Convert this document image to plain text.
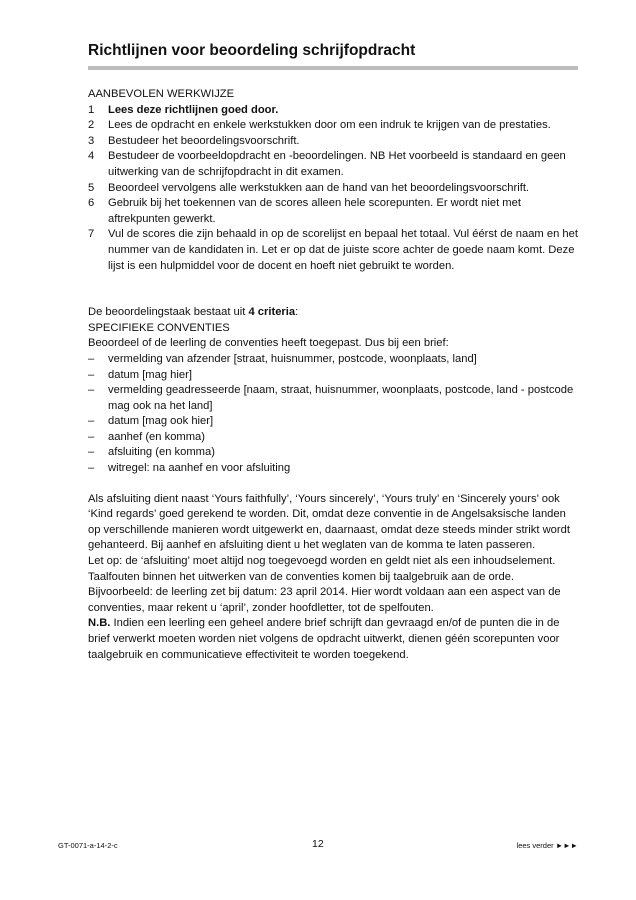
Richtlijnen voor beoordeling schrijfopdracht

AANBEVOLEN WERKWIJZE

1	Lees deze richtlijnen goed door.
2	Lees de opdracht en enkele werkstukken door om een indruk te krijgen van de prestaties.
3	Bestudeer het beoordelingsvoorschrift.
4	Bestudeer de voorbeeldopdracht en -beoordelingen. NB Het voorbeeld is standaard en geen uitwerking van de schrijfopdracht in dit examen.
5	Beoordeel vervolgens alle werkstukken aan de hand van het beoordelingsvoorschrift.
6	Gebruik bij het toekennen van de scores alleen hele scorepunten. Er wordt niet met aftrekpunten gewerkt.
7	Vul de scores die zijn behaald in op de scorelijst en bepaal het totaal. Vul éérst de naam en het nummer van de kandidaten in. Let er op dat de juiste score achter de goede naam komt. Deze lijst is een hulpmiddel voor de docent en hoeft niet gebruikt te worden.

De beoordelingstaak bestaat uit 4 criteria:

SPECIFIEKE CONVENTIES

Beoordeel of de leerling de conventies heeft toegepast. Dus bij een brief:

–	vermelding van afzender [straat, huisnummer, postcode, woonplaats, land]
–	datum [mag hier]
–	vermelding geadresseerde [naam, straat, huisnummer, woonplaats, postcode, land - postcode mag ook na het land]
–	datum [mag ook hier]
–	aanhef (en komma)
–	afsluiting (en komma)
–	witregel: na aanhef en voor afsluiting

Als afsluiting dient naast ‘Yours faithfully’, ‘Yours sincerely’, ‘Yours truly’ en ‘Sincerely yours’ ook ‘Kind regards’ goed gerekend te worden. Dit, omdat deze conventie in de Angelsaksische landen op verschillende manieren wordt uitgewerkt en, daarnaast, omdat deze steeds minder strikt wordt gehanteerd. Bij aanhef en afsluiting dient u het weglaten van de komma te laten passeren.

Let op: de ‘afsluiting’ moet altijd nog toegevoegd worden en geldt niet als een inhoudselement.

Taalfouten binnen het uitwerken van de conventies komen bij taalgebruik aan de orde. Bijvoorbeeld: de leerling zet bij datum: 23 april 2014. Hier wordt voldaan aan een aspect van de conventies, maar rekent u ‘april’, zonder hoofdletter, tot de spelfouten.

N.B. Indien een leerling een geheel andere brief schrijft dan gevraagd en/of de punten die in de brief verwerkt moeten worden niet volgens de opdracht uitwerkt, dienen géén scorepunten voor taalgebruik en communicatieve effectiviteit te worden toegekend.

GT-0071-a-14-2-c	12	lees verder ►►►
